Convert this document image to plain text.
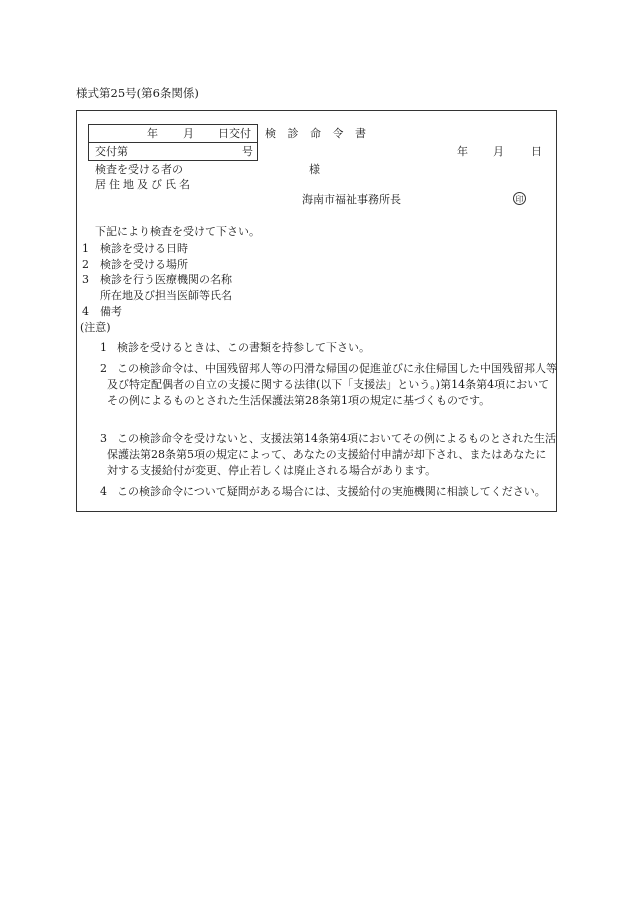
様式第25号(第6条関係)
年 月 日交付
交付第	号
検 診 命 令 書
年 月 日
検査を受ける者の
居住地及び氏名
様
海南市福祉事務所長	印
下記により検査を受けて下さい。
1 検診を受ける日時
2 検診を受ける場所
3 検診を行う医療機関の名称
所在地及び担当医師等氏名
4 備考
(注意)
1 検診を受けるときは、この書類を持参して下さい。
2 この検診命令は、中国残留邦人等の円滑な帰国の促進並びに永住帰国した中国残留邦人等及び特定配偶者の自立の支援に関する法律(以下「支援法」という。)第14条第4項においてその例によるものとされた生活保護法第28条第1項の規定に基づくものです。
3 この検診命令を受けないと、支援法第14条第4項においてその例によるものとされた生活保護法第28条第5項の規定によって、あなたの支援給付申請が却下され、またはあなたに対する支援給付が変更、停止若しくは廃止される場合があります。
4 この検診命令について疑問がある場合には、支援給付の実施機関に相談してください。
